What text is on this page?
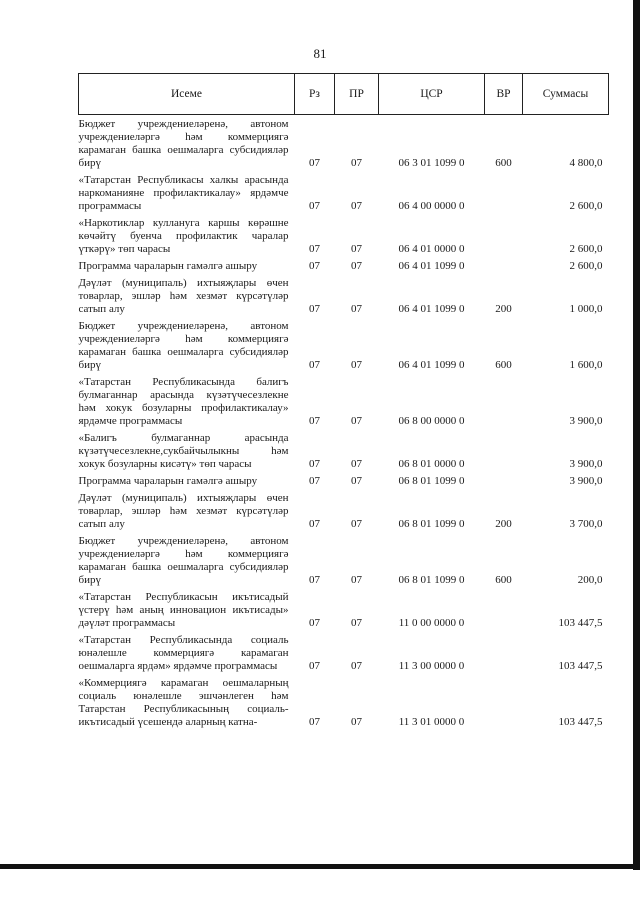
81
Исеме	Рз	ПР	ЦСР	ВР	Суммасы
Бюджет учреждениеләренә, автоном учреждениеләргә һәм коммерциягә карамаган башка оешмаларга субсидияләр бирү	07	07	06 3 01 1099 0	600	4 800,0
«Татарстан Республикасы халкы арасында наркоманияне профилактикалау» ярдәмче программасы	07	07	06 4 00 0000 0		2 600,0
«Наркотиклар куллануга каршы көрәшне көчәйтү буенча профилактик чаралар үткәрү» төп чарасы	07	07	06 4 01 0000 0		2 600,0
Программа чараларын гамәлгә ашыру	07	07	06 4 01 1099 0		2 600,0
Дәүләт (муниципаль) ихтыяҗлары өчен товарлар, эшләр һәм хезмәт күрсәтүләр сатып алу	07	07	06 4 01 1099 0	200	1 000,0
Бюджет учреждениеләренә, автоном учреждениеләргә һәм коммерциягә карамаган башка оешмаларга субсидияләр бирү	07	07	06 4 01 1099 0	600	1 600,0
«Татарстан Республикасында балигъ булмаганнар арасында күзәтүчесезлекне һәм хокук бозуларны профилактикалау» ярдәмче программасы	07	07	06 8 00 0000 0		3 900,0
«Балигъ булмаганнар арасында күзәтүчесезлекне,сукбайчылыкны һәм хокук бозуларны кисәтү» төп чарасы	07	07	06 8 01 0000 0		3 900,0
Программа чараларын гамәлгә ашыру	07	07	06 8 01 1099 0		3 900,0
Дәүләт (муниципаль) ихтыяҗлары өчен товарлар, эшләр һәм хезмәт күрсәтүләр сатып алу	07	07	06 8 01 1099 0	200	3 700,0
Бюджет учреждениеләренә, автоном учреждениеләргә һәм коммерциягә карамаган башка оешмаларга субсидияләр бирү	07	07	06 8 01 1099 0	600	200,0
«Татарстан Республикасын икътисадый үстерү һәм аның инновацион икътисады» дәүләт программасы	07	07	11 0 00 0000 0		103 447,5
«Татарстан Республикасында социаль юнәлешле коммерциягә карамаган оешмаларга ярдәм» ярдәмче программасы	07	07	11 3 00 0000 0		103 447,5
«Коммерциягә карамаган оешмаларның социаль юнәлешле эшчәнлеген һәм Татарстан Республикасының социаль-икътисадый үсешендә аларның катна-	07	07	11 3 01 0000 0		103 447,5
